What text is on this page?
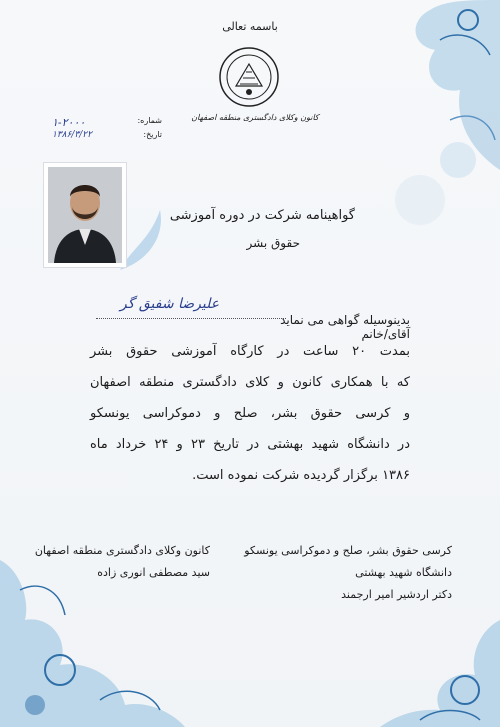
باسمه تعالی
کانون وکلای دادگستری منطقه اصفهان
شماره:
۱-۲۰۰۰
تاریخ:
۱۳۸۶/۳/۲۲
گواهینامه شرکت در دوره آموزشی
حقوق بشر
علیرضا شفیق گر
بدینوسیله گواهی می نماید آقای/خانم
بمدت ۲۰ ساعت در کارگاه آموزشی حقوق بشر
که با همکاری کانون و کلای دادگستری منطقه اصفهان
و کرسی حقوق بشر، صلح و دموکراسی یونسکو
در دانشگاه شهید بهشتی در تاریخ ۲۳ و ۲۴ خرداد ماه
۱۳۸۶ برگزار گردیده شرکت نموده است.
کانون وکلای دادگستری منطقه اصفهان
سید مصطفی انوری زاده
کرسی حقوق بشر، صلح و دموکراسی یونسکو
دانشگاه شهید بهشتی
دکتر اردشیر امیر ارجمند
